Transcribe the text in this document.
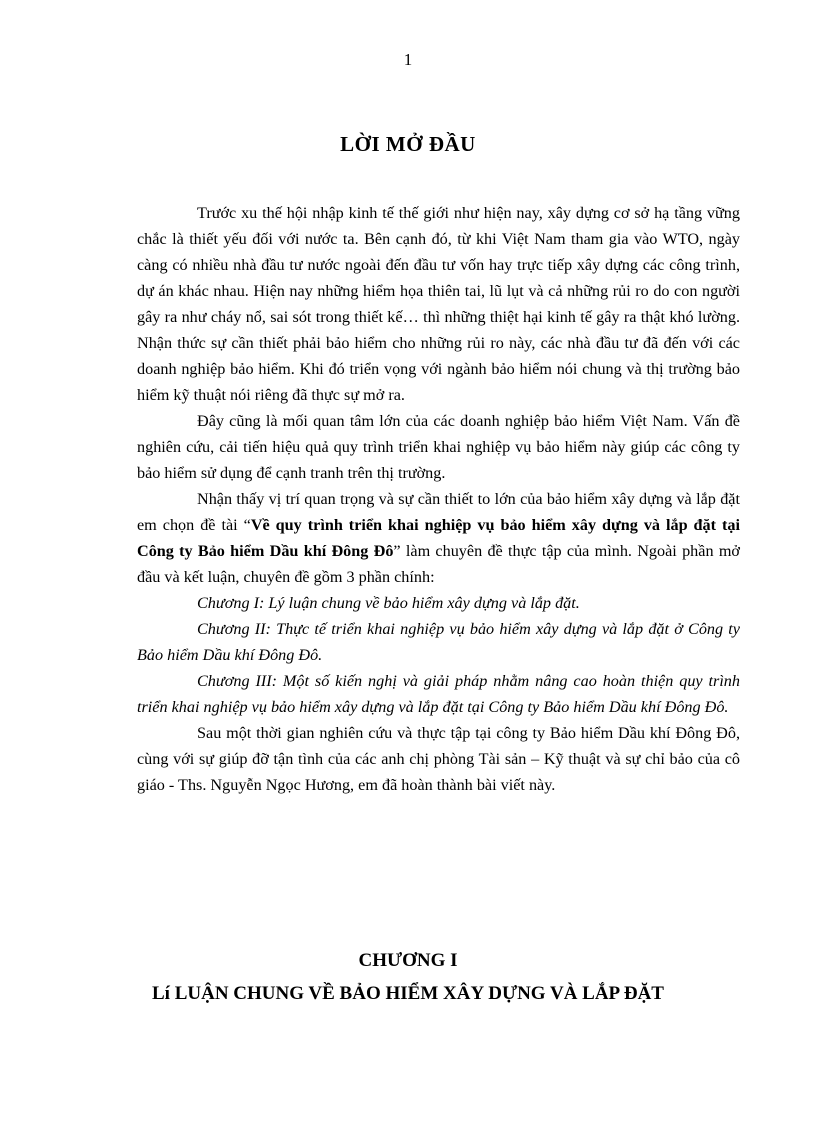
1
LỜI MỞ ĐẦU

Trước xu thế hội nhập kinh tế thế giới như hiện nay, xây dựng cơ sở hạ tầng vững chắc là thiết yếu đối với nước ta. Bên cạnh đó, từ khi Việt Nam tham gia vào WTO, ngày càng có nhiều nhà đầu tư nước ngoài đến đầu tư vốn hay trực tiếp xây dựng các công trình, dự án khác nhau. Hiện nay những hiểm họa thiên tai, lũ lụt và cả những rủi ro do con người gây ra như cháy nổ, sai sót trong thiết kế… thì những thiệt hại kinh tế gây ra thật khó lường. Nhận thức sự cần thiết phải bảo hiểm cho những rủi ro này, các nhà đầu tư đã đến với các doanh nghiệp bảo hiểm. Khi đó triển vọng với ngành bảo hiểm nói chung và thị trường bảo hiểm kỹ thuật nói riêng đã thực sự mở ra.

Đây cũng là mối quan tâm lớn của các doanh nghiệp bảo hiểm Việt Nam. Vấn đề nghiên cứu, cải tiến hiệu quả quy trình triển khai nghiệp vụ bảo hiểm này giúp các công ty bảo hiểm sử dụng để cạnh tranh trên thị trường.

Nhận thấy vị trí quan trọng và sự cần thiết to lớn của bảo hiểm xây dựng và lắp đặt em chọn đề tài “Về quy trình triển khai nghiệp vụ bảo hiểm xây dựng và lắp đặt tại Công ty Bảo hiểm Dầu khí Đông Đô” làm chuyên đề thực tập của mình. Ngoài phần mở đầu và kết luận, chuyên đề gồm 3 phần chính:

Chương I: Lý luận chung về bảo hiểm xây dựng và lắp đặt.

Chương II: Thực tế triển khai nghiệp vụ bảo hiểm xây dựng và lắp đặt ở Công ty Bảo hiểm Dầu khí Đông Đô.

Chương III: Một số kiến nghị và giải pháp nhằm nâng cao hoàn thiện quy trình triển khai nghiệp vụ bảo hiểm xây dựng và lắp đặt tại Công ty Bảo hiểm Dầu khí Đông Đô.

Sau một thời gian nghiên cứu và thực tập tại công ty Bảo hiểm Dầu khí Đông Đô, cùng với sự giúp đỡ tận tình của các anh chị phòng Tài sản – Kỹ thuật và sự chỉ bảo của cô giáo - Ths. Nguyễn Ngọc Hương, em đã hoàn thành bài viết này.

CHƯƠNG I
Lí LUẬN CHUNG VỀ BẢO HIỂM XÂY DỰNG VÀ LẮP ĐẶT
